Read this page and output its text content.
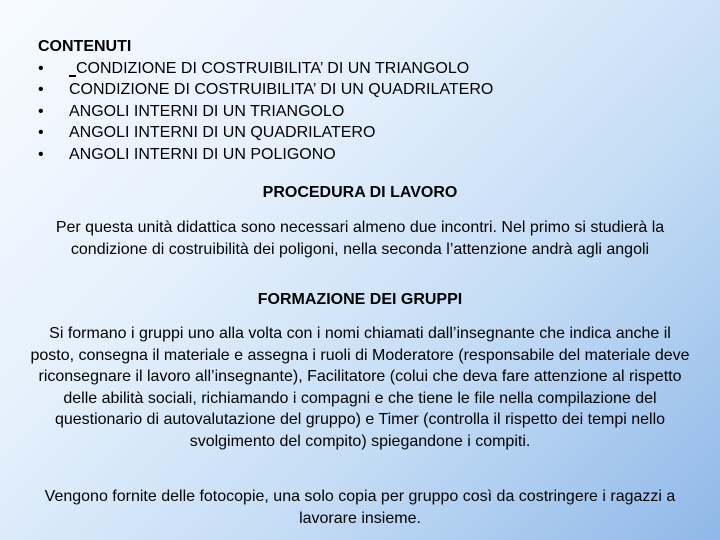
CONTENUTI
• CONDIZIONE DI COSTRUIBILITA’ DI UN TRIANGOLO
• CONDIZIONE DI COSTRUIBILITA’ DI UN QUADRILATERO
• ANGOLI INTERNI DI UN TRIANGOLO
• ANGOLI INTERNI DI UN QUADRILATERO
• ANGOLI INTERNI DI UN POLIGONO
PROCEDURA DI LAVORO
Per questa unità didattica sono necessari almeno due incontri. Nel primo si studierà la condizione di costruibilità dei poligoni, nella seconda l’attenzione andrà agli angoli
FORMAZIONE DEI GRUPPI
Si formano i gruppi uno alla volta con i nomi chiamati dall’insegnante che indica anche il posto, consegna il materiale e assegna i ruoli di Moderatore (responsabile del materiale deve riconsegnare il lavoro all’insegnante), Facilitatore (colui che deva fare attenzione al rispetto delle abilità sociali, richiamando i compagni e che tiene le file nella compilazione del questionario di autovalutazione del gruppo) e Timer (controlla il rispetto dei tempi nello svolgimento del compito) spiegandone i compiti.
Vengono fornite delle fotocopie, una solo copia per gruppo così da costringere i ragazzi a lavorare insieme.
